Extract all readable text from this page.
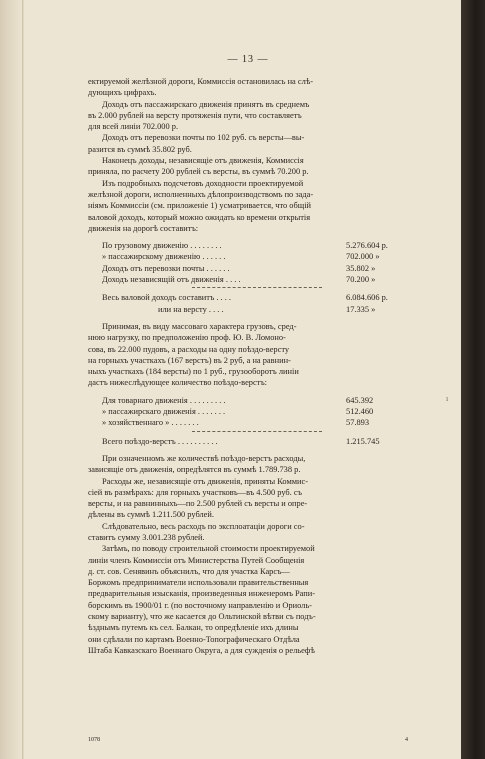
— 13 —
ектируемой желѣзной дороги, Коммиссія остановилась на слѣ-
дующихъ цифрахъ.
Доходъ отъ пассажирскаго движенія принятъ въ среднемъ
въ 2.000 рублей на версту протяженія пути, что составляетъ
для всей линіи 702.000 р.
Доходъ отъ перевозки почты по 102 руб. съ версты—вы-
разится въ суммѣ 35.802 руб.
Наконецъ доходы, независящіе отъ движенія, Коммиссія
приняла, по расчету 200 рублей съ версты, въ суммѣ 70.200 р.
Изъ подробныхъ подсчетовъ доходности проектируемой
желѣзной дороги, исполненныхъ дѣлопроизводствомъ по зада-
ніямъ Коммиссіи (см. приложеніе 1) усматривается, что общій
валовой доходъ, который можно ожидать ко времени открытія
движенія на дорогѣ составитъ:
По грузовому движенію . . . . . . . .	5.276.604 р.
» пассажирскому движенію . . . . . .	702.000 »
Доходъ отъ перевозки почты . . . . . .	35.802 »
Доходъ независящій отъ движенія . . . .	70.200 »
Весь валовой доходъ составитъ . . . .	6.084.606 р.
или на версту . . . .	17.335 »
Принимая, въ виду массоваго характера грузовъ, сред-
нюю нагрузку, по предположенію проф. Ю. В. Ломоно-
сова, въ 22.000 пудовъ, а расходы на одну поѣздо-версту
на горныхъ участкахъ (167 верстъ) въ 2 руб, а на равнин-
ныхъ участкахъ (184 версты) по 1 руб., грузооборотъ линіи
дастъ нижеслѣдующее количество поѣздо-верстъ:
Для товарнаго движенія . . . . . . . . .	645.392
» пассажирскаго движенія . . . . . . .	512.460
» хозяйственнаго » . . . . . . .	57.893
Всего поѣздо-верстъ . . . . . . . . . .	1.215.745
При означенномъ же количествѣ поѣздо-верстъ расходы,
зависящіе отъ движенія, опредѣлятся въ суммѣ 1.789.738 р.
Расходы же, независящіе отъ движенія, приняты Коммис-
сіей въ размѣрахъ: для горныхъ участковъ—въ 4.500 руб. съ
версты, и на равнинныхъ—по 2.500 рублей съ версты и опре-
дѣлены въ суммѣ 1.211.500 рублей.
Слѣдовательно, весь расходъ по эксплоатаціи дороги со-
ставитъ сумму 3.001.238 рублей.
Затѣмъ, по поводу строительной стоимости проектируемой
линіи членъ Коммиссіи отъ Министерства Путей Сообщенія
д. ст. сов. Сенявинъ объяснилъ, что для участка Карсъ—
Боржомъ предприниматели использовали правительственныя
предварительныя изысканія, произведенныя инженеромъ Рапи-
борскимъ въ 1900/01 г. (по восточному направленію и Ориоль-
скому варианту), что же касается до Ольтинской вѣтви съ подъ-
ѣзднымъ путемъ къ сел. Балкан, то опредѣленіе ихъ длины
они сдѣлали по картамъ Военно-Топографическаго Отдѣла
Штаба Кавказскаго Военнаго Округа, а для сужденія о рельефѣ
1078	4
ı
